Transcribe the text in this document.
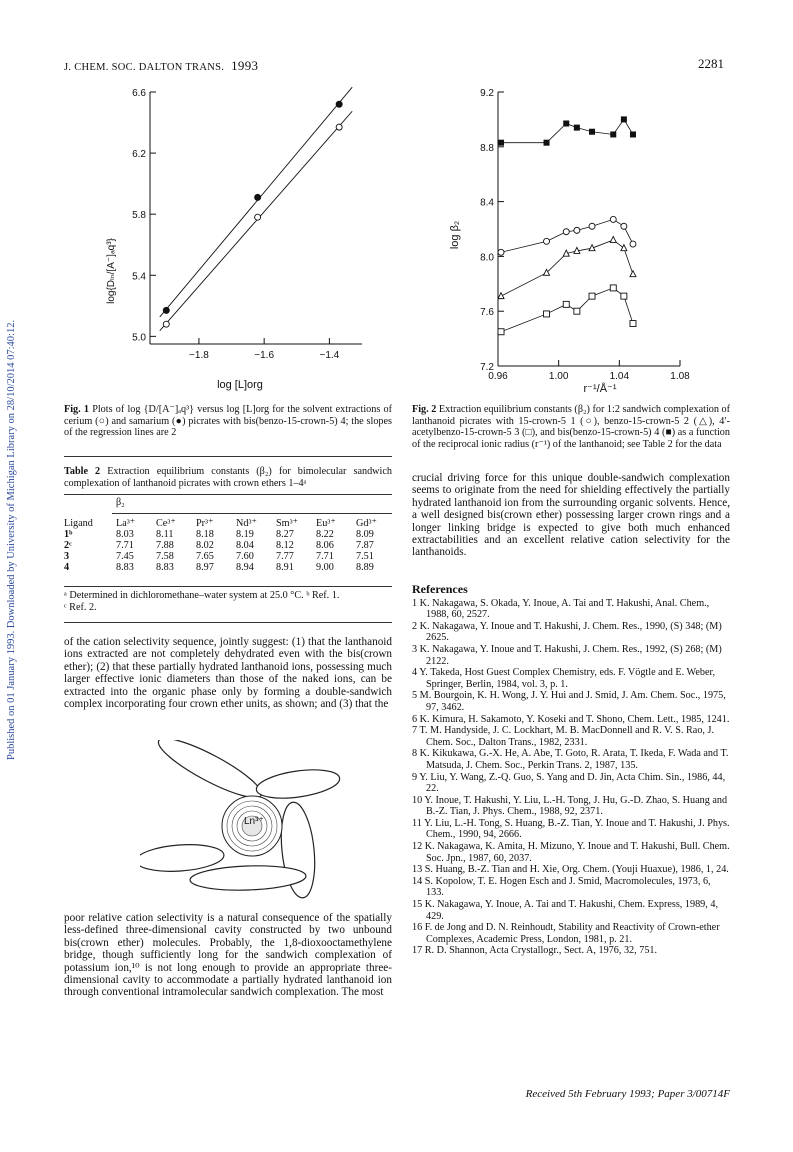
J. CHEM. SOC. DALTON TRANS. 1993	2281
Published on 01 January 1993. Downloaded by University of Michigan Library on 28/10/2014 07:40:12.	5.0
5.4
5.8
6.2
6.6
−1.8	−1.6	−1.4
log{Dₗₙ/[A⁻]ₐq³}
log [L]org
Fig. 1 Plots of log {D/[A⁻]ₐq³} versus log [L]org for the solvent extractions of cerium (○) and samarium (●) picrates with bis(benzo-15-crown-5) 4; the slopes of the regression lines are 2
7.2
7.6
8.0
8.4
8.8
9.2
0.96	1.00	1.04	1.08
log β₂
r⁻¹/Å⁻¹
Fig. 2 Extraction equilibrium constants (β₂) for 1:2 sandwich complexation of lanthanoid picrates with 15-crown-5 1 (○), benzo-15-crown-5 2 (△), 4′-acetylbenzo-15-crown-5 3 (□), and bis(benzo-15-crown-5) 4 (■) as a function of the reciprocal ionic radius (r⁻¹) of the lanthanoid; see Table 2 for the data
Table 2 Extraction equilibrium constants (β₂) for bimolecular sandwich complexation of lanthanoid picrates with crown ethers 1–4ᵃ
β₂
Ligand	La³⁺	Ce³⁺	Pr³⁺	Nd³⁺	Sm³⁺	Eu³⁺	Gd³⁺
1ᵇ	8.03	8.11	8.18	8.19	8.27	8.22	8.09
2ᶜ	7.71	7.88	8.02	8.04	8.12	8.06	7.87
3	7.45	7.58	7.65	7.60	7.77	7.71	7.51
4	8.83	8.83	8.97	8.94	8.91	9.00	8.89
ᵃ Determined in dichloromethane–water system at 25.0 °C. ᵇ Ref. 1.
ᶜ Ref. 2.
of the cation selectivity sequence, jointly suggest: (1) that the lanthanoid ions extracted are not completely dehydrated even with the bis(crown ether); (2) that these partially hydrated lanthanoid ions, possessing much larger effective ionic diameters than those of the naked ions, can be extracted into the organic phase only by forming a double-sandwich complex incorporating four crown ether units, as shown; and (3) that the
Ln³⁺
poor relative cation selectivity is a natural consequence of the spatially less-defined three-dimensional cavity constructed by two unbound bis(crown ether) molecules. Probably, the 1,8-dioxooctamethylene bridge, though sufficiently long for the sandwich complexation of potassium ion,¹⁰ is not long enough to provide an appropriate three-dimensional cavity to accommodate a partially hydrated lanthanoid ion through conventional intramolecular sandwich complexation. The most
crucial driving force for this unique double-sandwich complexation seems to originate from the need for shielding effectively the partially hydrated lanthanoid ion from the surrounding organic solvents. Hence, a well designed bis(crown ether) possessing larger crown rings and a longer linking bridge is expected to give both much enhanced extractabilities and an excellent relative cation selectivity for the lanthanoids.
References

1 K. Nakagawa, S. Okada, Y. Inoue, A. Tai and T. Hakushi, Anal. Chem., 1988, 60, 2527.

2 K. Nakagawa, Y. Inoue and T. Hakushi, J. Chem. Res., 1990, (S) 348; (M) 2625.

3 K. Nakagawa, Y. Inoue and T. Hakushi, J. Chem. Res., 1992, (S) 268; (M) 2122.

4 Y. Takeda, Host Guest Complex Chemistry, eds. F. Vögtle and E. Weber, Springer, Berlin, 1984, vol. 3, p. 1.

5 M. Bourgoin, K. H. Wong, J. Y. Hui and J. Smid, J. Am. Chem. Soc., 1975, 97, 3462.

6 K. Kimura, H. Sakamoto, Y. Koseki and T. Shono, Chem. Lett., 1985, 1241.

7 T. M. Handyside, J. C. Lockhart, M. B. MacDonnell and R. V. S. Rao, J. Chem. Soc., Dalton Trans., 1982, 2331.

8 K. Kikukawa, G.-X. He, A. Abe, T. Goto, R. Arata, T. Ikeda, F. Wada and T. Matsuda, J. Chem. Soc., Perkin Trans. 2, 1987, 135.

9 Y. Liu, Y. Wang, Z.-Q. Guo, S. Yang and D. Jin, Acta Chim. Sin., 1986, 44, 22.

10 Y. Inoue, T. Hakushi, Y. Liu, L.-H. Tong, J. Hu, G.-D. Zhao, S. Huang and B.-Z. Tian, J. Phys. Chem., 1988, 92, 2371.

11 Y. Liu, L.-H. Tong, S. Huang, B.-Z. Tian, Y. Inoue and T. Hakushi, J. Phys. Chem., 1990, 94, 2666.

12 K. Nakagawa, K. Amita, H. Mizuno, Y. Inoue and T. Hakushi, Bull. Chem. Soc. Jpn., 1987, 60, 2037.

13 S. Huang, B.-Z. Tian and H. Xie, Org. Chem. (Youji Huaxue), 1986, 1, 24.

14 S. Kopolow, T. E. Hogen Esch and J. Smid, Macromolecules, 1973, 6, 133.

15 K. Nakagawa, Y. Inoue, A. Tai and T. Hakushi, Chem. Express, 1989, 4, 429.

16 F. de Jong and D. N. Reinhoudt, Stability and Reactivity of Crown-ether Complexes, Academic Press, London, 1981, p. 21.

17 R. D. Shannon, Acta Crystallogr., Sect. A, 1976, 32, 751.

Received 5th February 1993; Paper 3/00714F
